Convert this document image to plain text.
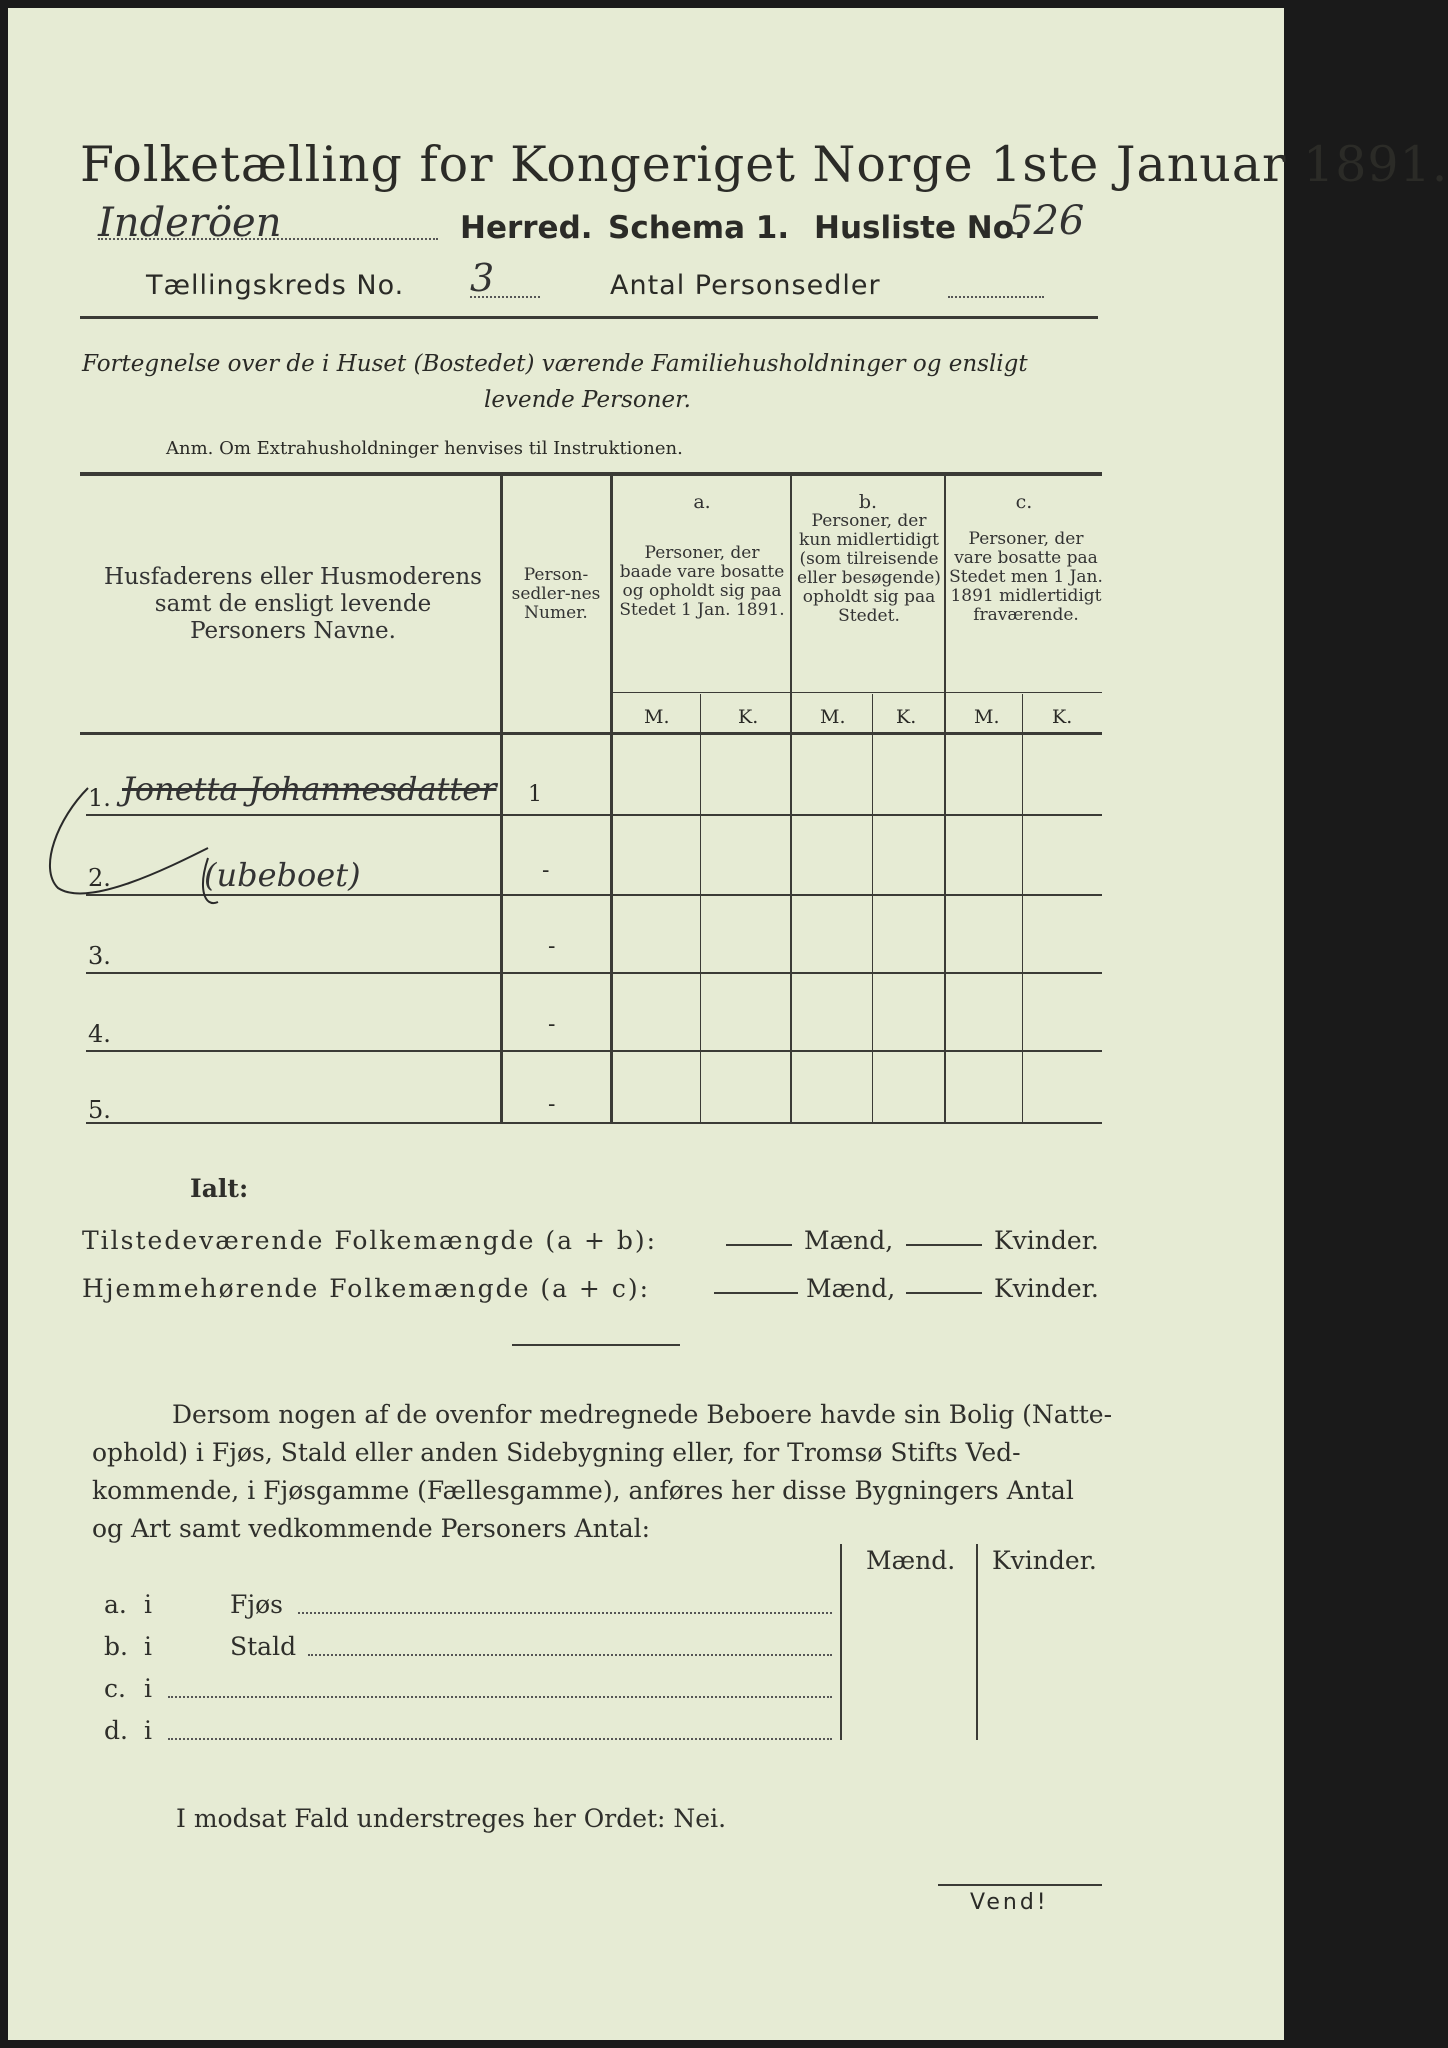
Folketælling for Kongeriget Norge 1ste Januar 1891.
Inderöen	Herred. Schema 1. Husliste No.
526
Tællingskreds No. 3	Antal Personsedler
Fortegnelse over de i Huset (Bostedet) værende Familiehusholdninger og ensligt
levende Personer.
Anm. Om Extrahusholdninger henvises til Instruktionen.
Husfaderens eller Husmoderens samt de ensligt levende Personers Navne.
Person-sedler-nes Numer.
a.
Personer, der baade vare bosatte og opholdt sig paa Stedet 1 Jan. 1891.
b.
Personer, der kun midlertidigt (som tilreisende eller besøgende) opholdt sig paa Stedet.
c.
Personer, der vare bosatte paa Stedet men 1 Jan. 1891 midlertidigt fraværende.
M.	K.	M.	K.	M.	K.
1. Jonetta Johannesdatter 1
2.	(ubeboet)	-
3.	-
4.	-
5.	-
Ialt:
Tilstedeværende Folkemængde (a + b):	Mænd,	Kvinder.
Hjemmehørende Folkemængde (a + c):	Mænd,	Kvinder.
Dersom nogen af de ovenfor medregnede Beboere havde sin Bolig (Natte-
ophold) i Fjøs, Stald eller anden Sidebygning eller, for Tromsø Stifts Ved-
kommende, i Fjøsgamme (Fællesgamme), anføres her disse Bygningers Antal
og Art samt vedkommende Personers Antal:
Mænd. Kvinder.
a. i	Fjøs
b. i	Stald
c. i
d. i
I modsat Fald understreges her Ordet: Nei.
Vend!
